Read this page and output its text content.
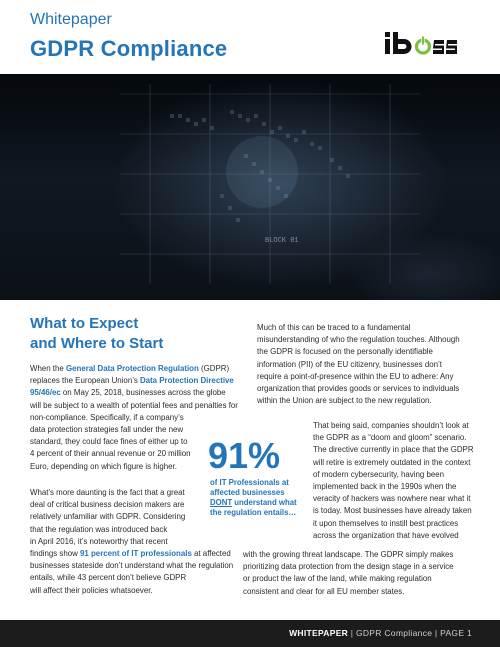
Whitepaper
GDPR Compliance
BLOCK 01
What to Expect
and Where to Start
When the General Data Protection Regulation (GDPR)
replaces the European Union’s Data Protection Directive
95/46/ec on May 25, 2018, businesses across the globe
will be subject to a wealth of potential fees and penalties for
non-compliance. Specifically, if a company’s
data protection strategies fall under the new
standard, they could face fines of either up to
4 percent of their annual revenue or 20 million
Euro, depending on which figure is higher.
What’s more daunting is the fact that a great
deal of critical business decision makers are
relatively unfamiliar with GDPR. Considering
that the regulation was introduced back
in April 2016, it’s noteworthy that recent
findings show 91 percent of IT professionals at affected
businesses stateside don’t understand what the regulation
entails, while 43 percent don’t believe GDPR
will affect their policies whatsoever.
91%
of IT Professionals at
affected businesses
DONT understand what
the regulation entails…
Much of this can be traced to a fundamental
misunderstanding of who the regulation touches. Although
the GDPR is focused on the personally identifiable
information (PII) of the EU citizenry, businesses don’t
require a point-of-presence within the EU to adhere: Any
organization that provides goods or services to individuals
within the Union are subject to the new regulation.
That being said, companies shouldn’t look at
the GDPR as a “doom and gloom” scenario.
The directive currently in place that the GDPR
will retire is extremely outdated in the context
of modern cybersecurity, having been
implemented back in the 1990s when the
veracity of hackers was nowhere near what it
is today. Most businesses have already taken
it upon themselves to instill best practices
across the organization that have evolved
with the growing threat landscape. The GDPR simply makes
prioritizing data protection from the design stage in a service
or product the law of the land, while making regulation
consistent and clear for all EU member states.
WHITEPAPER | GDPR Compliance | PAGE 1
